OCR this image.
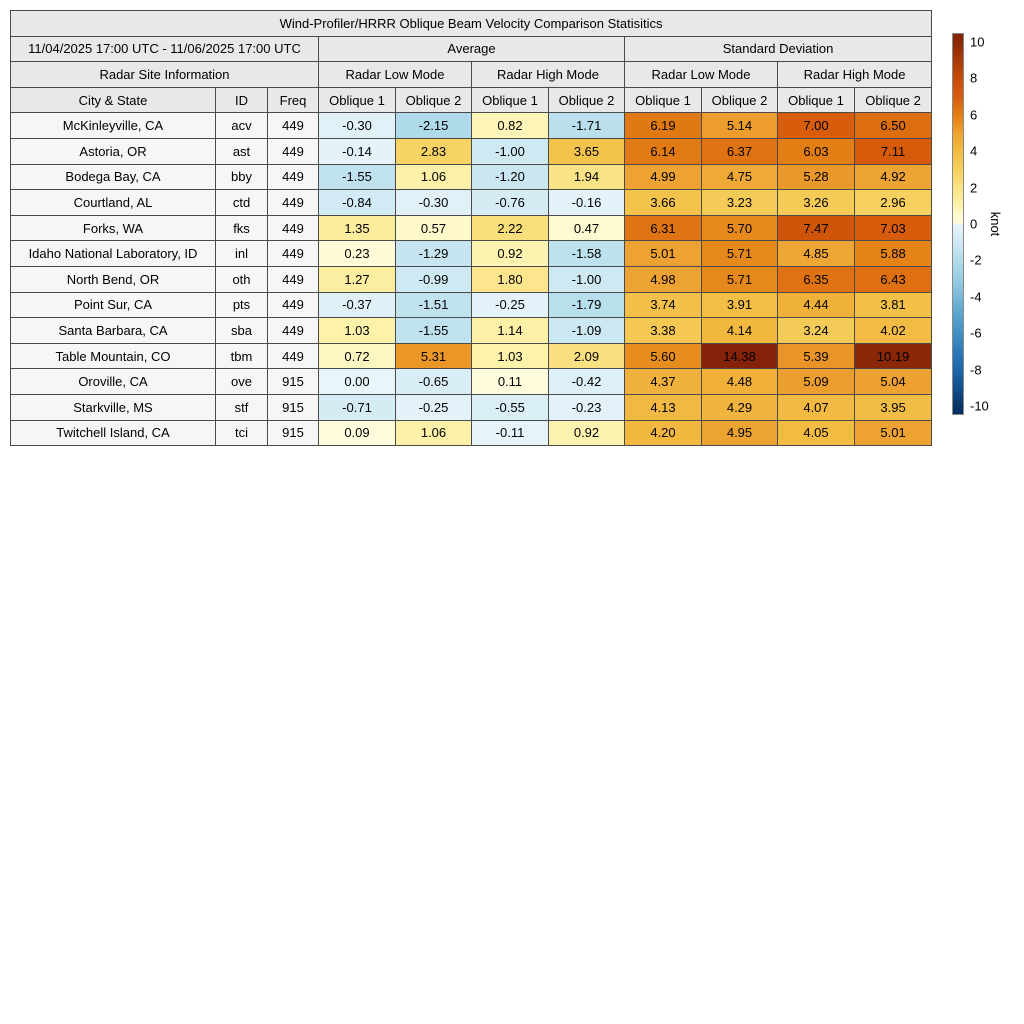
Wind-Profiler/HRRR Oblique Beam Velocity Comparison Statisitics										
11/04/2025 17:00 UTC - 11/06/2025 17:00 UTC			Average				Standard Deviation			
Radar Site Information			Radar Low Mode		Radar High Mode		Radar Low Mode		Radar High Mode	
City & State	ID	Freq	Oblique 1	Oblique 2	Oblique 1	Oblique 2	Oblique 1	Oblique 2	Oblique 1	Oblique 2
McKinleyville, CA	acv	449	-0.30	-2.15	0.82	-1.71	6.19	5.14	7.00	6.50
Astoria, OR	ast	449	-0.14	2.83	-1.00	3.65	6.14	6.37	6.03	7.11
Bodega Bay, CA	bby	449	-1.55	1.06	-1.20	1.94	4.99	4.75	5.28	4.92
Courtland, AL	ctd	449	-0.84	-0.30	-0.76	-0.16	3.66	3.23	3.26	2.96
Forks, WA	fks	449	1.35	0.57	2.22	0.47	6.31	5.70	7.47	7.03
Idaho National Laboratory, ID	inl	449	0.23	-1.29	0.92	-1.58	5.01	5.71	4.85	5.88
North Bend, OR	oth	449	1.27	-0.99	1.80	-1.00	4.98	5.71	6.35	6.43
Point Sur, CA	pts	449	-0.37	-1.51	-0.25	-1.79	3.74	3.91	4.44	3.81
Santa Barbara, CA	sba	449	1.03	-1.55	1.14	-1.09	3.38	4.14	3.24	4.02
Table Mountain, CO	tbm	449	0.72	5.31	1.03	2.09	5.60	14.38	5.39	10.19
Oroville, CA	ove	915	0.00	-0.65	0.11	-0.42	4.37	4.48	5.09	5.04
Starkville, MS	stf	915	-0.71	-0.25	-0.55	-0.23	4.13	4.29	4.07	3.95
Twitchell Island, CA	tci	915	0.09	1.06	-0.11	0.92	4.20	4.95	4.05	5.01
10
8
6
4
2
0
-2
-4
-6
-8
-10
knot
